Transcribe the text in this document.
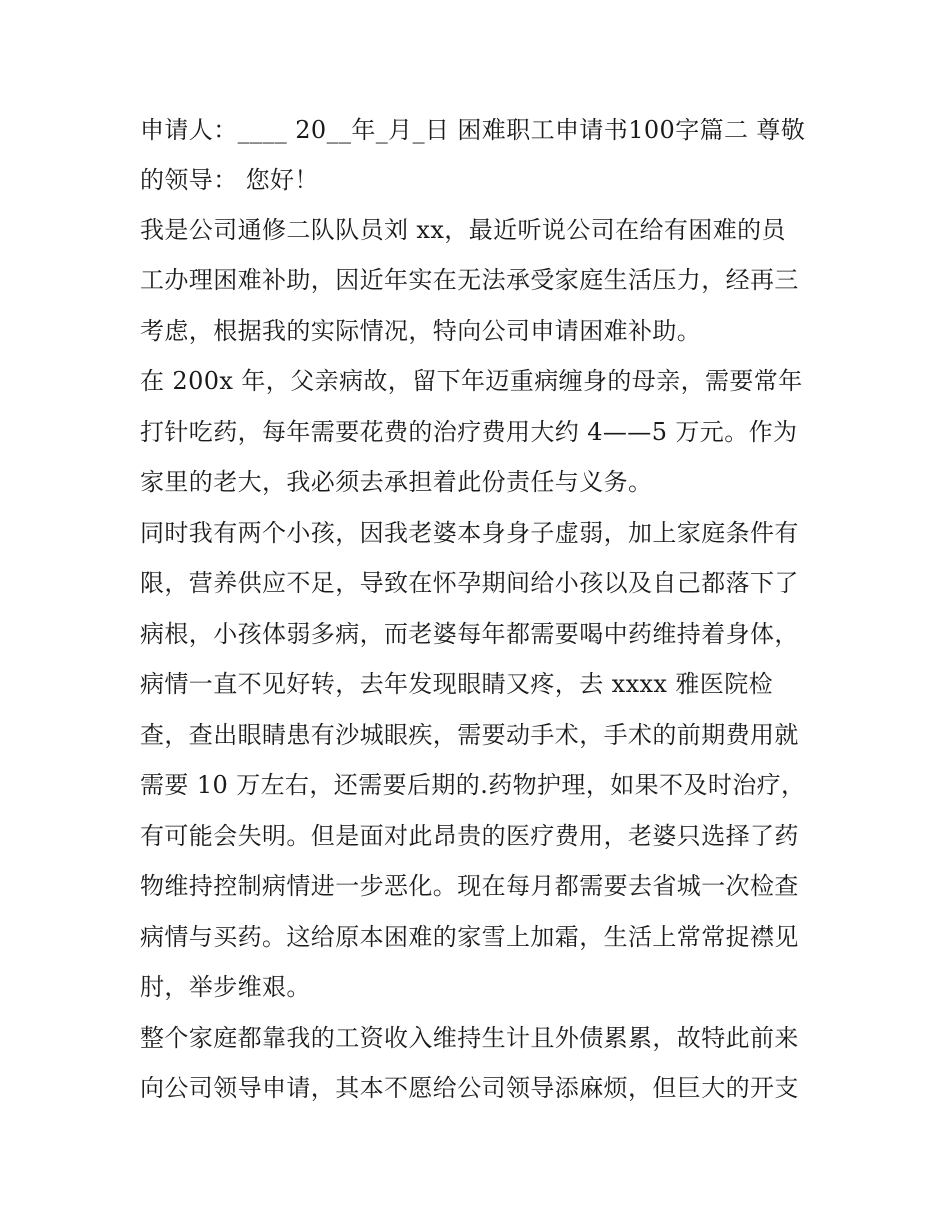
申请人：____ 20__年_月_日 困难职工申请书100字篇二 尊敬
的领导： 您好！
我是公司通修二队队员刘 xx，最近听说公司在给有困难的员
工办理困难补助，因近年实在无法承受家庭生活压力，经再三
考虑，根据我的实际情况，特向公司申请困难补助。
在 200x 年，父亲病故，留下年迈重病缠身的母亲，需要常年
打针吃药，每年需要花费的治疗费用大约 4——5 万元。作为
家里的老大，我必须去承担着此份责任与义务。
同时我有两个小孩，因我老婆本身身子虚弱，加上家庭条件有
限，营养供应不足，导致在怀孕期间给小孩以及自己都落下了
病根，小孩体弱多病，而老婆每年都需要喝中药维持着身体，
病情一直不见好转，去年发现眼睛又疼，去 xxxx 雅医院检
查，查出眼睛患有沙城眼疾，需要动手术，手术的前期费用就
需要 10 万左右，还需要后期的.药物护理，如果不及时治疗，
有可能会失明。但是面对此昂贵的医疗费用，老婆只选择了药
物维持控制病情进一步恶化。现在每月都需要去省城一次检查
病情与买药。这给原本困难的家雪上加霜，生活上常常捉襟见
肘，举步维艰。
整个家庭都靠我的工资收入维持生计且外债累累，故特此前来
向公司领导申请，其本不愿给公司领导添麻烦，但巨大的开支
